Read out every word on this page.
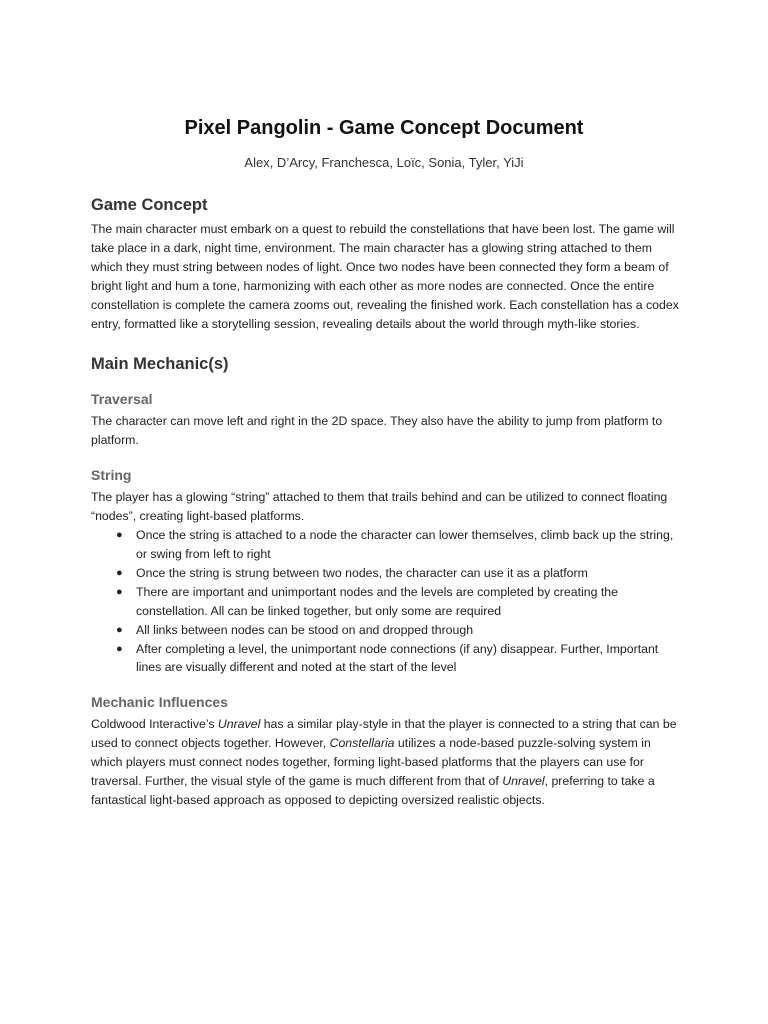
Pixel Pangolin - Game Concept Document

Alex, D’Arcy, Franchesca, Loïc, Sonia, Tyler, YiJi

Game Concept

The main character must embark on a quest to rebuild the constellations that have been lost. The game will take place in a dark, night time, environment. The main character has a glowing string attached to them which they must string between nodes of light. Once two nodes have been connected they form a beam of bright light and hum a tone, harmonizing with each other as more nodes are connected. Once the entire constellation is complete the camera zooms out, revealing the finished work. Each constellation has a codex entry, formatted like a storytelling session, revealing details about the world through myth-like stories.

Main Mechanic(s)
Traversal

The character can move left and right in the 2D space. They also have the ability to jump from platform to platform.

String

The player has a glowing “string” attached to them that trails behind and can be utilized to connect floating “nodes”, creating light-based platforms.

● Once the string is attached to a node the character can lower themselves, climb back up the string, or swing from left to right
● Once the string is strung between two nodes, the character can use it as a platform
● There are important and unimportant nodes and the levels are completed by creating the constellation. All can be linked together, but only some are required
● All links between nodes can be stood on and dropped through
● After completing a level, the unimportant node connections (if any) disappear. Further, Important lines are visually different and noted at the start of the level
Mechanic Influences

Coldwood Interactive’s Unravel has a similar play-style in that the player is connected to a string that can be used to connect objects together. However, Constellaria utilizes a node-based puzzle-solving system in which players must connect nodes together, forming light-based platforms that the players can use for traversal. Further, the visual style of the game is much different from that of Unravel, preferring to take a fantastical light-based approach as opposed to depicting oversized realistic objects.
